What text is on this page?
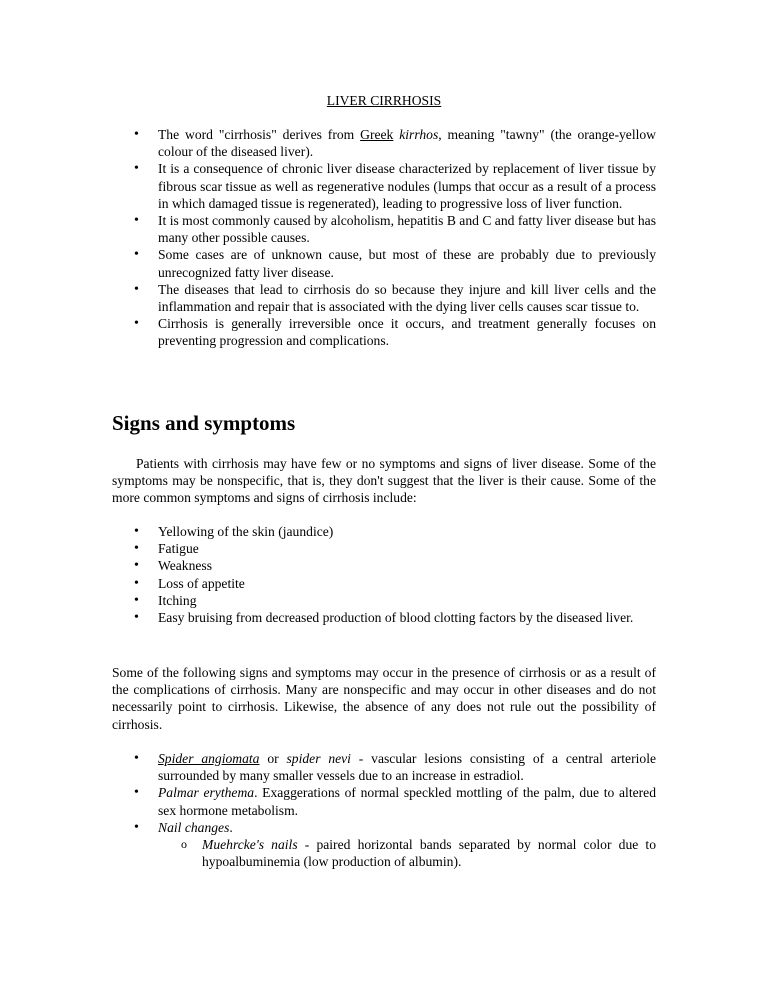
LIVER CIRRHOSIS
• The word "cirrhosis" derives from Greek kirrhos, meaning "tawny" (the orange-yellow colour of the diseased liver).
• It is a consequence of chronic liver disease characterized by replacement of liver tissue by fibrous scar tissue as well as regenerative nodules (lumps that occur as a result of a process in which damaged tissue is regenerated), leading to progressive loss of liver function.
• It is most commonly caused by alcoholism, hepatitis B and C and fatty liver disease but has many other possible causes.
• Some cases are of unknown cause, but most of these are probably due to previously unrecognized fatty liver disease.
• The diseases that lead to cirrhosis do so because they injure and kill liver cells and the inflammation and repair that is associated with the dying liver cells causes scar tissue to.
• Cirrhosis is generally irreversible once it occurs, and treatment generally focuses on preventing progression and complications.
Signs and symptoms

Patients with cirrhosis may have few or no symptoms and signs of liver disease. Some of the symptoms may be nonspecific, that is, they don't suggest that the liver is their cause. Some of the more common symptoms and signs of cirrhosis include:

• Yellowing of the skin (jaundice)
• Fatigue
• Weakness
• Loss of appetite
• Itching
• Easy bruising from decreased production of blood clotting factors by the diseased liver.

Some of the following signs and symptoms may occur in the presence of cirrhosis or as a result of the complications of cirrhosis. Many are nonspecific and may occur in other diseases and do not necessarily point to cirrhosis. Likewise, the absence of any does not rule out the possibility of cirrhosis.

• Spider angiomata or spider nevi - vascular lesions consisting of a central arteriole surrounded by many smaller vessels due to an increase in estradiol.
• Palmar erythema. Exaggerations of normal speckled mottling of the palm, due to altered sex hormone metabolism.
• Nail changes.
o Muehrcke's nails - paired horizontal bands separated by normal color due to hypoalbuminemia (low production of albumin).
